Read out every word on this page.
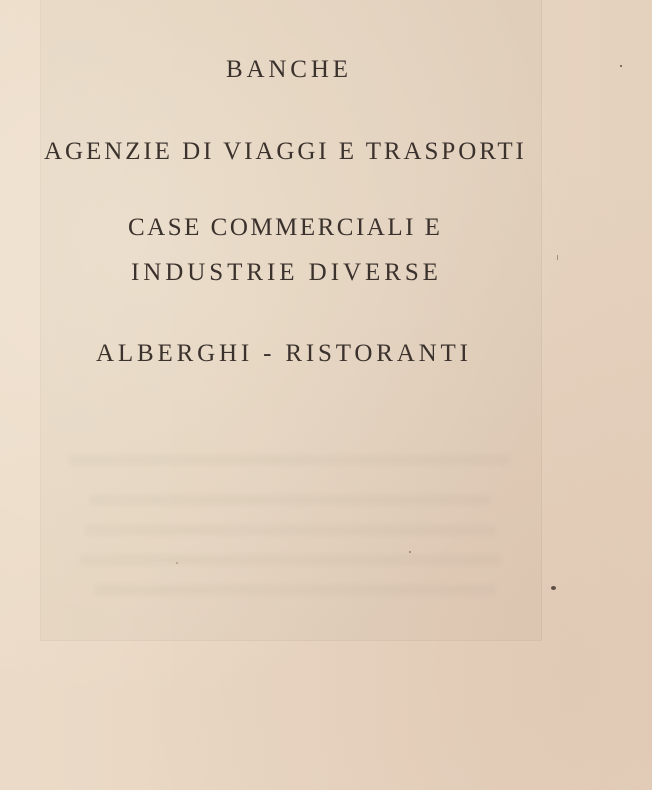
BANCHE
AGENZIE DI VIAGGI E TRASPORTI
CASE COMMERCIALI E
INDUSTRIE DIVERSE
ALBERGHI - RISTORANTI
